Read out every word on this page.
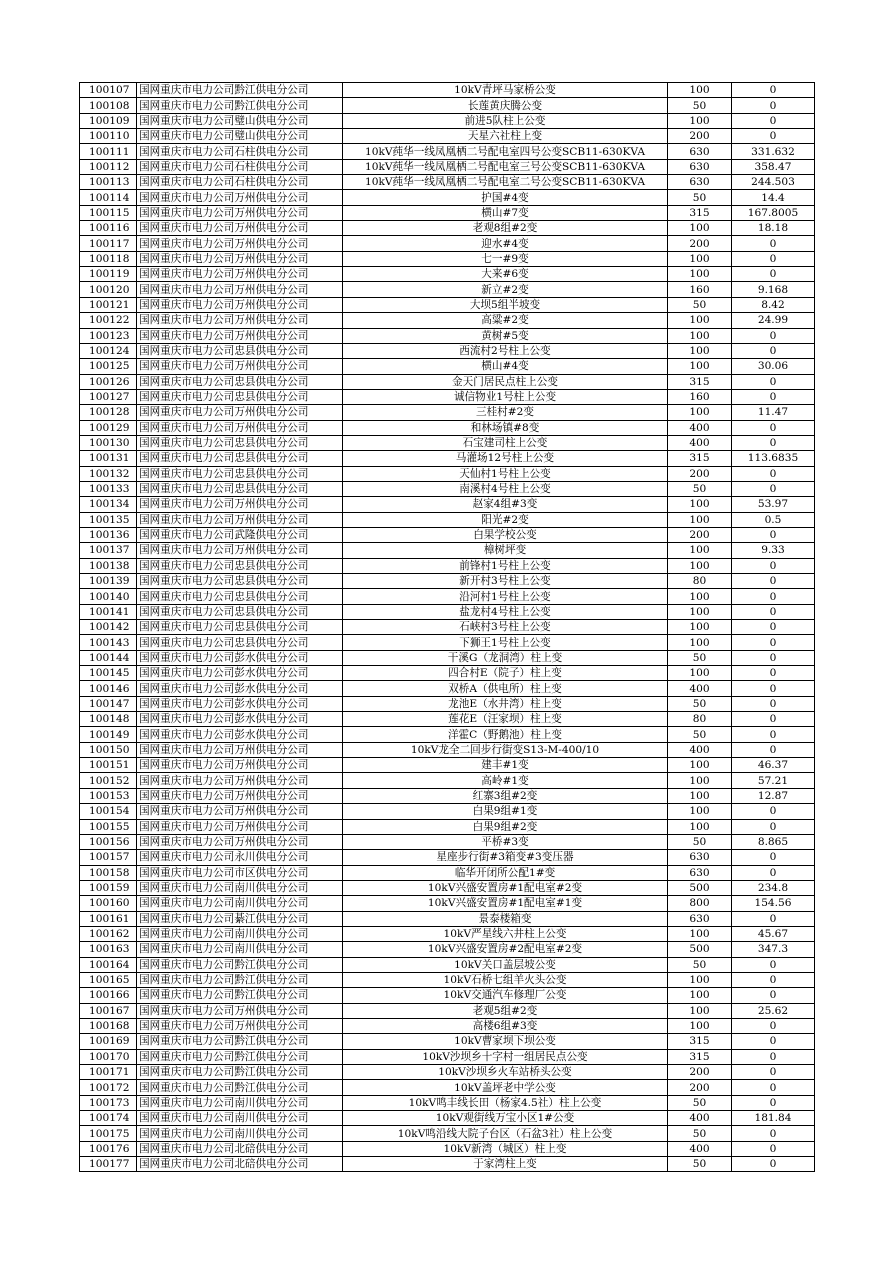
100107	国网重庆市电力公司黔江供电分公司	10kV青坪马家桥公变	100	0
100108	国网重庆市电力公司黔江供电分公司	长莲黄庆腾公变	50	0
100109	国网重庆市电力公司璧山供电分公司	前进5队柱上公变	100	0
100110	国网重庆市电力公司璧山供电分公司	天星六社柱上变	200	0
100111	国网重庆市电力公司石柱供电分公司	10kV莼华一线凤凰栖二号配电室四号公变SCB11-630KVA	630	331.632
100112	国网重庆市电力公司石柱供电分公司	10kV莼华一线凤凰栖二号配电室三号公变SCB11-630KVA	630	358.47
100113	国网重庆市电力公司石柱供电分公司	10kV莼华一线凤凰栖二号配电室二号公变SCB11-630KVA	630	244.503
100114	国网重庆市电力公司万州供电分公司	护国#4变	50	14.4
100115	国网重庆市电力公司万州供电分公司	横山#7变	315	167.8005
100116	国网重庆市电力公司万州供电分公司	老观8组#2变	100	18.18
100117	国网重庆市电力公司万州供电分公司	迎水#4变	200	0
100118	国网重庆市电力公司万州供电分公司	七一#9变	100	0
100119	国网重庆市电力公司万州供电分公司	大来#6变	100	0
100120	国网重庆市电力公司万州供电分公司	新立#2变	160	9.168
100121	国网重庆市电力公司万州供电分公司	大坝5组半坡变	50	8.42
100122	国网重庆市电力公司万州供电分公司	高粱#2变	100	24.99
100123	国网重庆市电力公司万州供电分公司	黄树#5变	100	0
100124	国网重庆市电力公司忠县供电分公司	西流村2号柱上公变	100	0
100125	国网重庆市电力公司万州供电分公司	横山#4变	100	30.06
100126	国网重庆市电力公司忠县供电分公司	金天门居民点柱上公变	315	0
100127	国网重庆市电力公司忠县供电分公司	诚信物业1号柱上公变	160	0
100128	国网重庆市电力公司万州供电分公司	三桂村#2变	100	11.47
100129	国网重庆市电力公司万州供电分公司	和林场镇#8变	400	0
100130	国网重庆市电力公司忠县供电分公司	石宝建司柱上公变	400	0
100131	国网重庆市电力公司忠县供电分公司	马灌场12号柱上公变	315	113.6835
100132	国网重庆市电力公司忠县供电分公司	天仙村1号柱上公变	200	0
100133	国网重庆市电力公司忠县供电分公司	南溪村4号柱上公变	50	0
100134	国网重庆市电力公司万州供电分公司	赵家4组#3变	100	53.97
100135	国网重庆市电力公司万州供电分公司	阳光#2变	100	0.5
100136	国网重庆市电力公司武隆供电分公司	白果学校公变	200	0
100137	国网重庆市电力公司万州供电分公司	樟树坪变	100	9.33
100138	国网重庆市电力公司忠县供电分公司	前锋村1号柱上公变	100	0
100139	国网重庆市电力公司忠县供电分公司	新开村3号柱上公变	80	0
100140	国网重庆市电力公司忠县供电分公司	沿河村1号柱上公变	100	0
100141	国网重庆市电力公司忠县供电分公司	盐龙村4号柱上公变	100	0
100142	国网重庆市电力公司忠县供电分公司	石峡村3号柱上公变	100	0
100143	国网重庆市电力公司忠县供电分公司	下狮王1号柱上公变	100	0
100144	国网重庆市电力公司彭水供电分公司	干溪G（龙洞湾）柱上变	50	0
100145	国网重庆市电力公司彭水供电分公司	四合村E（院子）柱上变	100	0
100146	国网重庆市电力公司彭水供电分公司	双桥A（供电所）柱上变	400	0
100147	国网重庆市电力公司彭水供电分公司	龙池E（水井湾）柱上变	50	0
100148	国网重庆市电力公司彭水供电分公司	莲花E（汪家坝）柱上变	80	0
100149	国网重庆市电力公司彭水供电分公司	洋霍C（野鹅池）柱上变	50	0
100150	国网重庆市电力公司万州供电分公司	10kV龙全二回步行街变S13-M-400/10	400	0
100151	国网重庆市电力公司万州供电分公司	建丰#1变	100	46.37
100152	国网重庆市电力公司万州供电分公司	高岭#1变	100	57.21
100153	国网重庆市电力公司万州供电分公司	红寨3组#2变	100	12.87
100154	国网重庆市电力公司万州供电分公司	白果9组#1变	100	0
100155	国网重庆市电力公司万州供电分公司	白果9组#2变	100	0
100156	国网重庆市电力公司万州供电分公司	平桥#3变	50	8.865
100157	国网重庆市电力公司永川供电分公司	星座步行街#3箱变#3变压器	630	0
100158	国网重庆市电力公司市区供电分公司	临华开闭所公配1#变	630	0
100159	国网重庆市电力公司南川供电分公司	10kV兴盛安置房#1配电室#2变	500	234.8
100160	国网重庆市电力公司南川供电分公司	10kV兴盛安置房#1配电室#1变	800	154.56
100161	国网重庆市电力公司綦江供电分公司	景泰楼箱变	630	0
100162	国网重庆市电力公司南川供电分公司	10kV严星线六井柱上公变	100	45.67
100163	国网重庆市电力公司南川供电分公司	10kV兴盛安置房#2配电室#2变	500	347.3
100164	国网重庆市电力公司黔江供电分公司	10kV关口盖层坡公变	50	0
100165	国网重庆市电力公司黔江供电分公司	10kV石桥七组羊火头公变	100	0
100166	国网重庆市电力公司黔江供电分公司	10kV交通汽车修理厂公变	100	0
100167	国网重庆市电力公司万州供电分公司	老观5组#2变	100	25.62
100168	国网重庆市电力公司万州供电分公司	高楼6组#3变	100	0
100169	国网重庆市电力公司黔江供电分公司	10kV曹家坝下坝公变	315	0
100170	国网重庆市电力公司黔江供电分公司	10kV沙坝乡十字村一组居民点公变	315	0
100171	国网重庆市电力公司黔江供电分公司	10kV沙坝乡火车站桥头公变	200	0
100172	国网重庆市电力公司黔江供电分公司	10kV盖坪老中学公变	200	0
100173	国网重庆市电力公司南川供电分公司	10kV鸣丰线长田（杨家4.5社）柱上公变	50	0
100174	国网重庆市电力公司南川供电分公司	10kV观街线万宝小区1#公变	400	181.84
100175	国网重庆市电力公司南川供电分公司	10kV鸣沿线大院子台区（石盆3社）柱上公变	50	0
100176	国网重庆市电力公司北碚供电分公司	10kV新湾（城区）柱上变	400	0
100177	国网重庆市电力公司北碚供电分公司	于家湾柱上变	50	0
